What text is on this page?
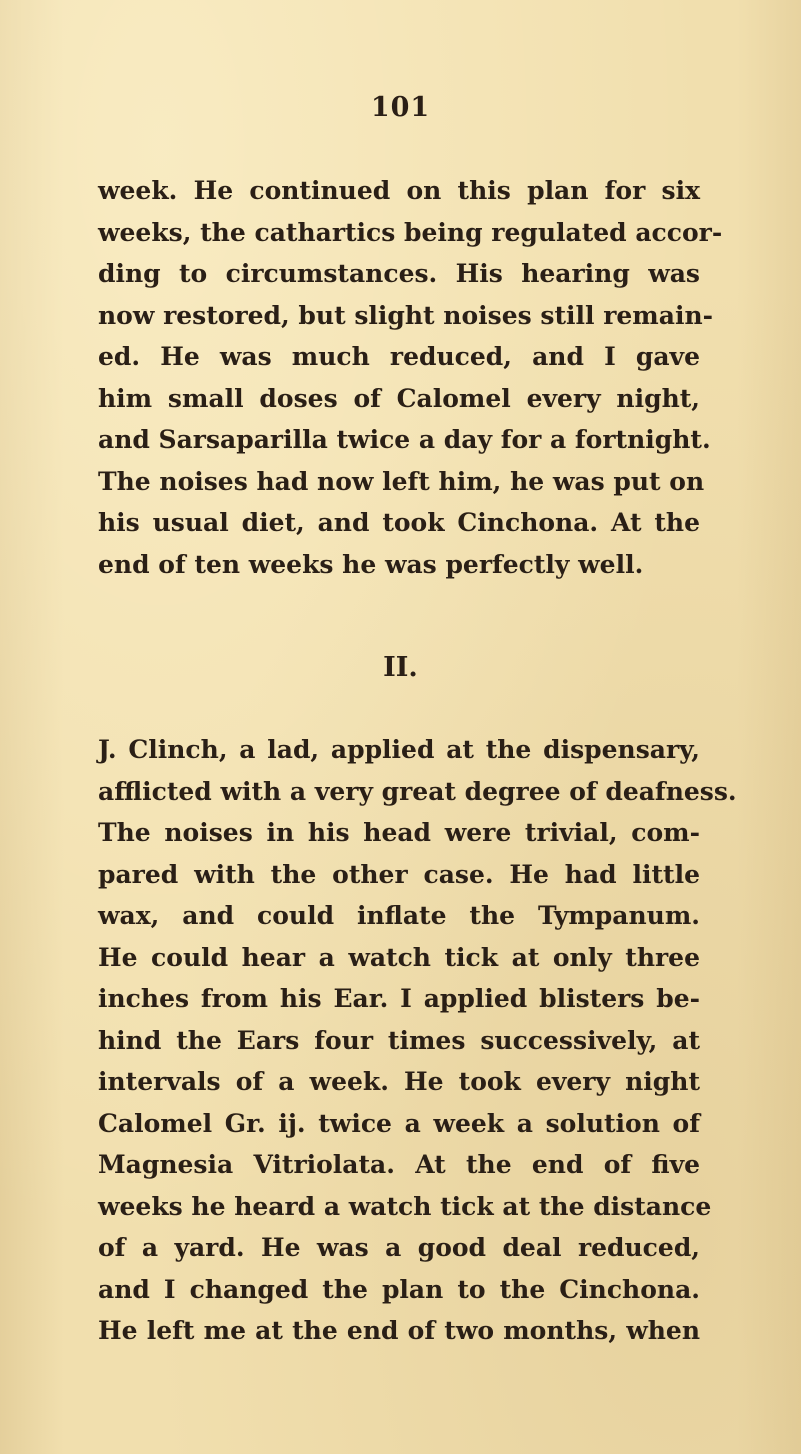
101
week. He continued on this plan for six
weeks, the cathartics being regulated accor-
ding to circumstances. His hearing was
now restored, but slight noises still remain-
ed. He was much reduced, and I gave
him small doses of Calomel every night,
and Sarsaparilla twice a day for a fortnight.
The noises had now left him, he was put on
his usual diet, and took Cinchona. At the
end of ten weeks he was perfectly well.
II.
J. Clinch, a lad, applied at the dispensary,
afflicted with a very great degree of deafness.
The noises in his head were trivial, com-
pared with the other case. He had little
wax, and could inflate the Tympanum.
He could hear a watch tick at only three
inches from his Ear. I applied blisters be-
hind the Ears four times successively, at
intervals of a week. He took every night
Calomel Gr. ij. twice a week a solution of
Magnesia Vitriolata. At the end of five
weeks he heard a watch tick at the distance
of a yard. He was a good deal reduced,
and I changed the plan to the Cinchona.
He left me at the end of two months, when
